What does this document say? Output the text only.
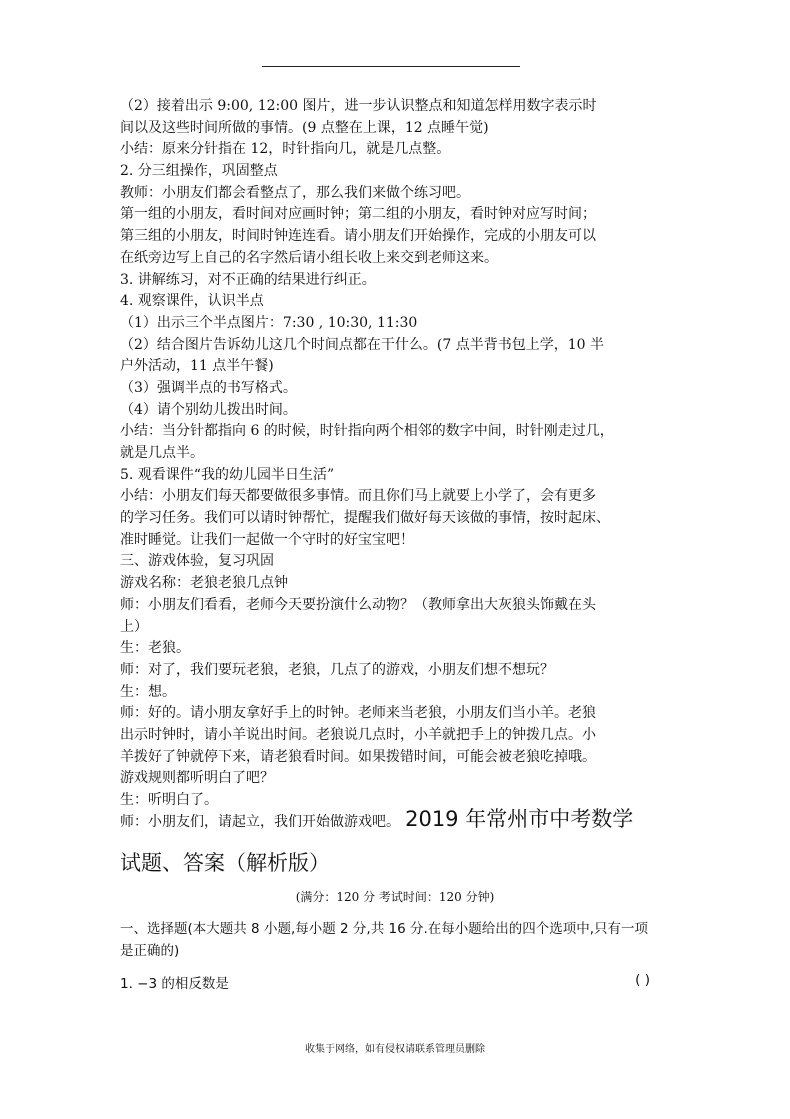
（2）接着出示 9:00, 12:00 图片，进一步认识整点和知道怎样用数字表示时
间以及这些时间所做的事情。(9 点整在上课，12 点睡午觉)
小结：原来分针指在 12，时针指向几，就是几点整。
2. 分三组操作，巩固整点
教师：小朋友们都会看整点了，那么我们来做个练习吧。
第一组的小朋友，看时间对应画时钟；第二组的小朋友，看时钟对应写时间；
第三组的小朋友，时间时钟连连看。请小朋友们开始操作，完成的小朋友可以
在纸旁边写上自己的名字然后请小组长收上来交到老师这来。
3. 讲解练习，对不正确的结果进行纠正。
4. 观察课件，认识半点
（1）出示三个半点图片：7:30 , 10:30, 11:30
（2）结合图片告诉幼儿这几个时间点都在干什么。(7 点半背书包上学，10 半
户外活动，11 点半午餐)
（3）强调半点的书写格式。
（4）请个别幼儿拨出时间。
小结：当分针都指向 6 的时候，时针指向两个相邻的数字中间，时针刚走过几，
就是几点半。
5. 观看课件“我的幼儿园半日生活”
小结：小朋友们每天都要做很多事情。而且你们马上就要上小学了，会有更多
的学习任务。我们可以请时钟帮忙，提醒我们做好每天该做的事情，按时起床、
准时睡觉。让我们一起做一个守时的好宝宝吧！
三、游戏体验，复习巩固
游戏名称：老狼老狼几点钟
师：小朋友们看看，老师今天要扮演什么动物？（教师拿出大灰狼头饰戴在头
上）
生：老狼。
师：对了，我们要玩老狼，老狼，几点了的游戏，小朋友们想不想玩？
生：想。
师：好的。请小朋友拿好手上的时钟。老师来当老狼，小朋友们当小羊。老狼
出示时钟时，请小羊说出时间。老狼说几点时，小羊就把手上的钟拨几点。小
羊拨好了钟就停下来，请老狼看时间。如果拨错时间，可能会被老狼吃掉哦。
游戏规则都听明白了吧？
生：听明白了。
师：小朋友们，请起立，我们开始做游戏吧。 2019 年常州市中考数学
试题、答案（解析版）
(满分：120 分 考试时间：120 分钟)
一、选择题(本大题共 8 小题,每小题 2 分,共 16 分.在每小题给出的四个选项中,只有一项
是正确的)
1. −3 的相反数是	( )
收集于网络，如有侵权请联系管理员删除
